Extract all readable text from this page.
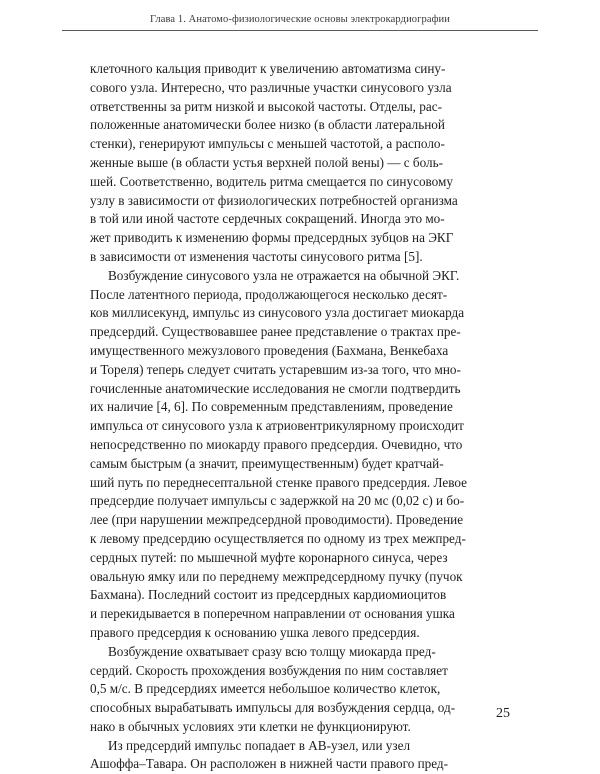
Глава 1. Анатомо-физиологические основы электрокардиографии
клеточного кальция приводит к увеличению автоматизма сину-
сового узла. Интересно, что различные участки синусового узла
ответственны за ритм низкой и высокой частоты. Отделы, рас-
положенные анатомически более низко (в области латеральной
стенки), генерируют импульсы с меньшей частотой, а располо-
женные выше (в области устья верхней полой вены) — с боль-
шей. Соответственно, водитель ритма смещается по синусовому
узлу в зависимости от физиологических потребностей организма
в той или иной частоте сердечных сокращений. Иногда это мо-
жет приводить к изменению формы предсердных зубцов на ЭКГ
в зависимости от изменения частоты синусового ритма [5].
Возбуждение синусового узла не отражается на обычной ЭКГ.
После латентного периода, продолжающегося несколько десят-
ков миллисекунд, импульс из синусового узла достигает миокарда
предсердий. Существовавшее ранее представление о трактах пре-
имущественного межузлового проведения (Бахмана, Венкебаха
и Тореля) теперь следует считать устаревшим из-за того, что мно-
гочисленные анатомические исследования не смогли подтвердить
их наличие [4, 6]. По современным представлениям, проведение
импульса от синусового узла к атриовентрикулярному происходит
непосредственно по миокарду правого предсердия. Очевидно, что
самым быстрым (а значит, преимущественным) будет кратчай-
ший путь по переднесептальной стенке правого предсердия. Левое
предсердие получает импульсы с задержкой на 20 мс (0,02 с) и бо-
лее (при нарушении межпредсердной проводимости). Проведение
к левому предсердию осуществляется по одному из трех межпред-
сердных путей: по мышечной муфте коронарного синуса, через
овальную ямку или по переднему межпредсердному пучку (пучок
Бахмана). Последний состоит из предсердных кардиомиоцитов
и перекидывается в поперечном направлении от основания ушка
правого предсердия к основанию ушка левого предсердия.
Возбуждение охватывает сразу всю толщу миокарда пред-
сердий. Скорость прохождения возбуждения по ним составляет
0,5 м/с. В предсердиях имеется небольшое количество клеток,
способных вырабатывать импульсы для возбуждения сердца, од-
нако в обычных условиях эти клетки не функционируют.
Из предсердий импульс попадает в АВ-узел, или узел
Ашоффа–Тавара. Он расположен в нижней части правого пред-
25
